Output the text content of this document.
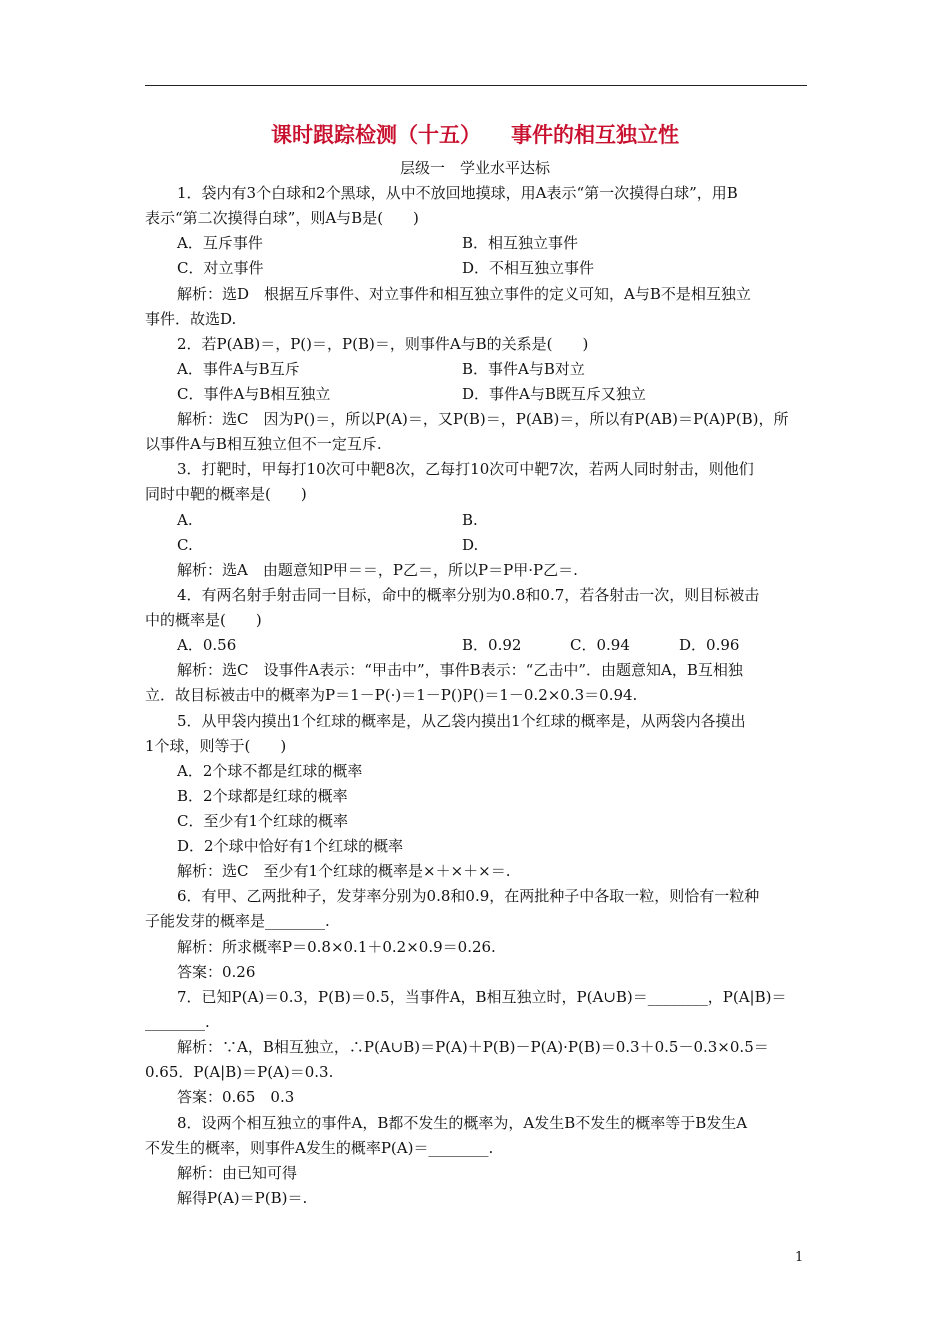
课时跟踪检测（十五） 事件的相互独立性
层级一　学业水平达标
1．袋内有3个白球和2个黑球，从中不放回地摸球，用A表示“第一次摸得白球”，用B
表示“第二次摸得白球”，则A与B是(　　)
A．互斥事件	B．相互独立事件
C．对立事件	D．不相互独立事件
解析：选D　根据互斥事件、对立事件和相互独立事件的定义可知，A与B不是相互独立
事件．故选D.
2．若P(AB)＝，P()＝，P(B)＝，则事件A与B的关系是(　　)
A．事件A与B互斥	B．事件A与B对立
C．事件A与B相互独立	D．事件A与B既互斥又独立
解析：选C　因为P()＝，所以P(A)＝，又P(B)＝，P(AB)＝，所以有P(AB)＝P(A)P(B)，所
以事件A与B相互独立但不一定互斥.
3．打靶时，甲每打10次可中靶8次，乙每打10次可中靶7次，若两人同时射击，则他们
同时中靶的概率是(　　)
A.	B.
C.	D.
解析：选A　由题意知P甲＝＝，P乙＝，所以P＝P甲·P乙＝.
4．有两名射手射击同一目标，命中的概率分别为0.8和0.7，若各射击一次，则目标被击
中的概率是(　　)
A．0.56	B．0.92	C．0.94	D．0.96
解析：选C　设事件A表示：“甲击中”，事件B表示：“乙击中”．由题意知A，B互相独
立．故目标被击中的概率为P＝1－P(·)＝1－P()P()＝1－0.2×0.3＝0.94.
5．从甲袋内摸出1个红球的概率是，从乙袋内摸出1个红球的概率是，从两袋内各摸出
1个球，则等于(　　)
A．2个球不都是红球的概率
B．2个球都是红球的概率
C．至少有1个红球的概率
D．2个球中恰好有1个红球的概率
解析：选C　至少有1个红球的概率是×＋×＋×＝.
6．有甲、乙两批种子，发芽率分别为0.8和0.9，在两批种子中各取一粒，则恰有一粒种
子能发芽的概率是________.
解析：所求概率P＝0.8×0.1＋0.2×0.9＝0.26.
答案：0.26
7．已知P(A)＝0.3，P(B)＝0.5，当事件A，B相互独立时，P(A∪B)＝________，P(A|B)＝
________.
解析：∵A，B相互独立，∴P(A∪B)＝P(A)＋P(B)－P(A)·P(B)＝0.3＋0.5－0.3×0.5＝
0.65．P(A|B)＝P(A)＝0.3.
答案：0.65　0.3
8．设两个相互独立的事件A，B都不发生的概率为，A发生B不发生的概率等于B发生A
不发生的概率，则事件A发生的概率P(A)＝________.
解析：由已知可得
解得P(A)＝P(B)＝.
1
